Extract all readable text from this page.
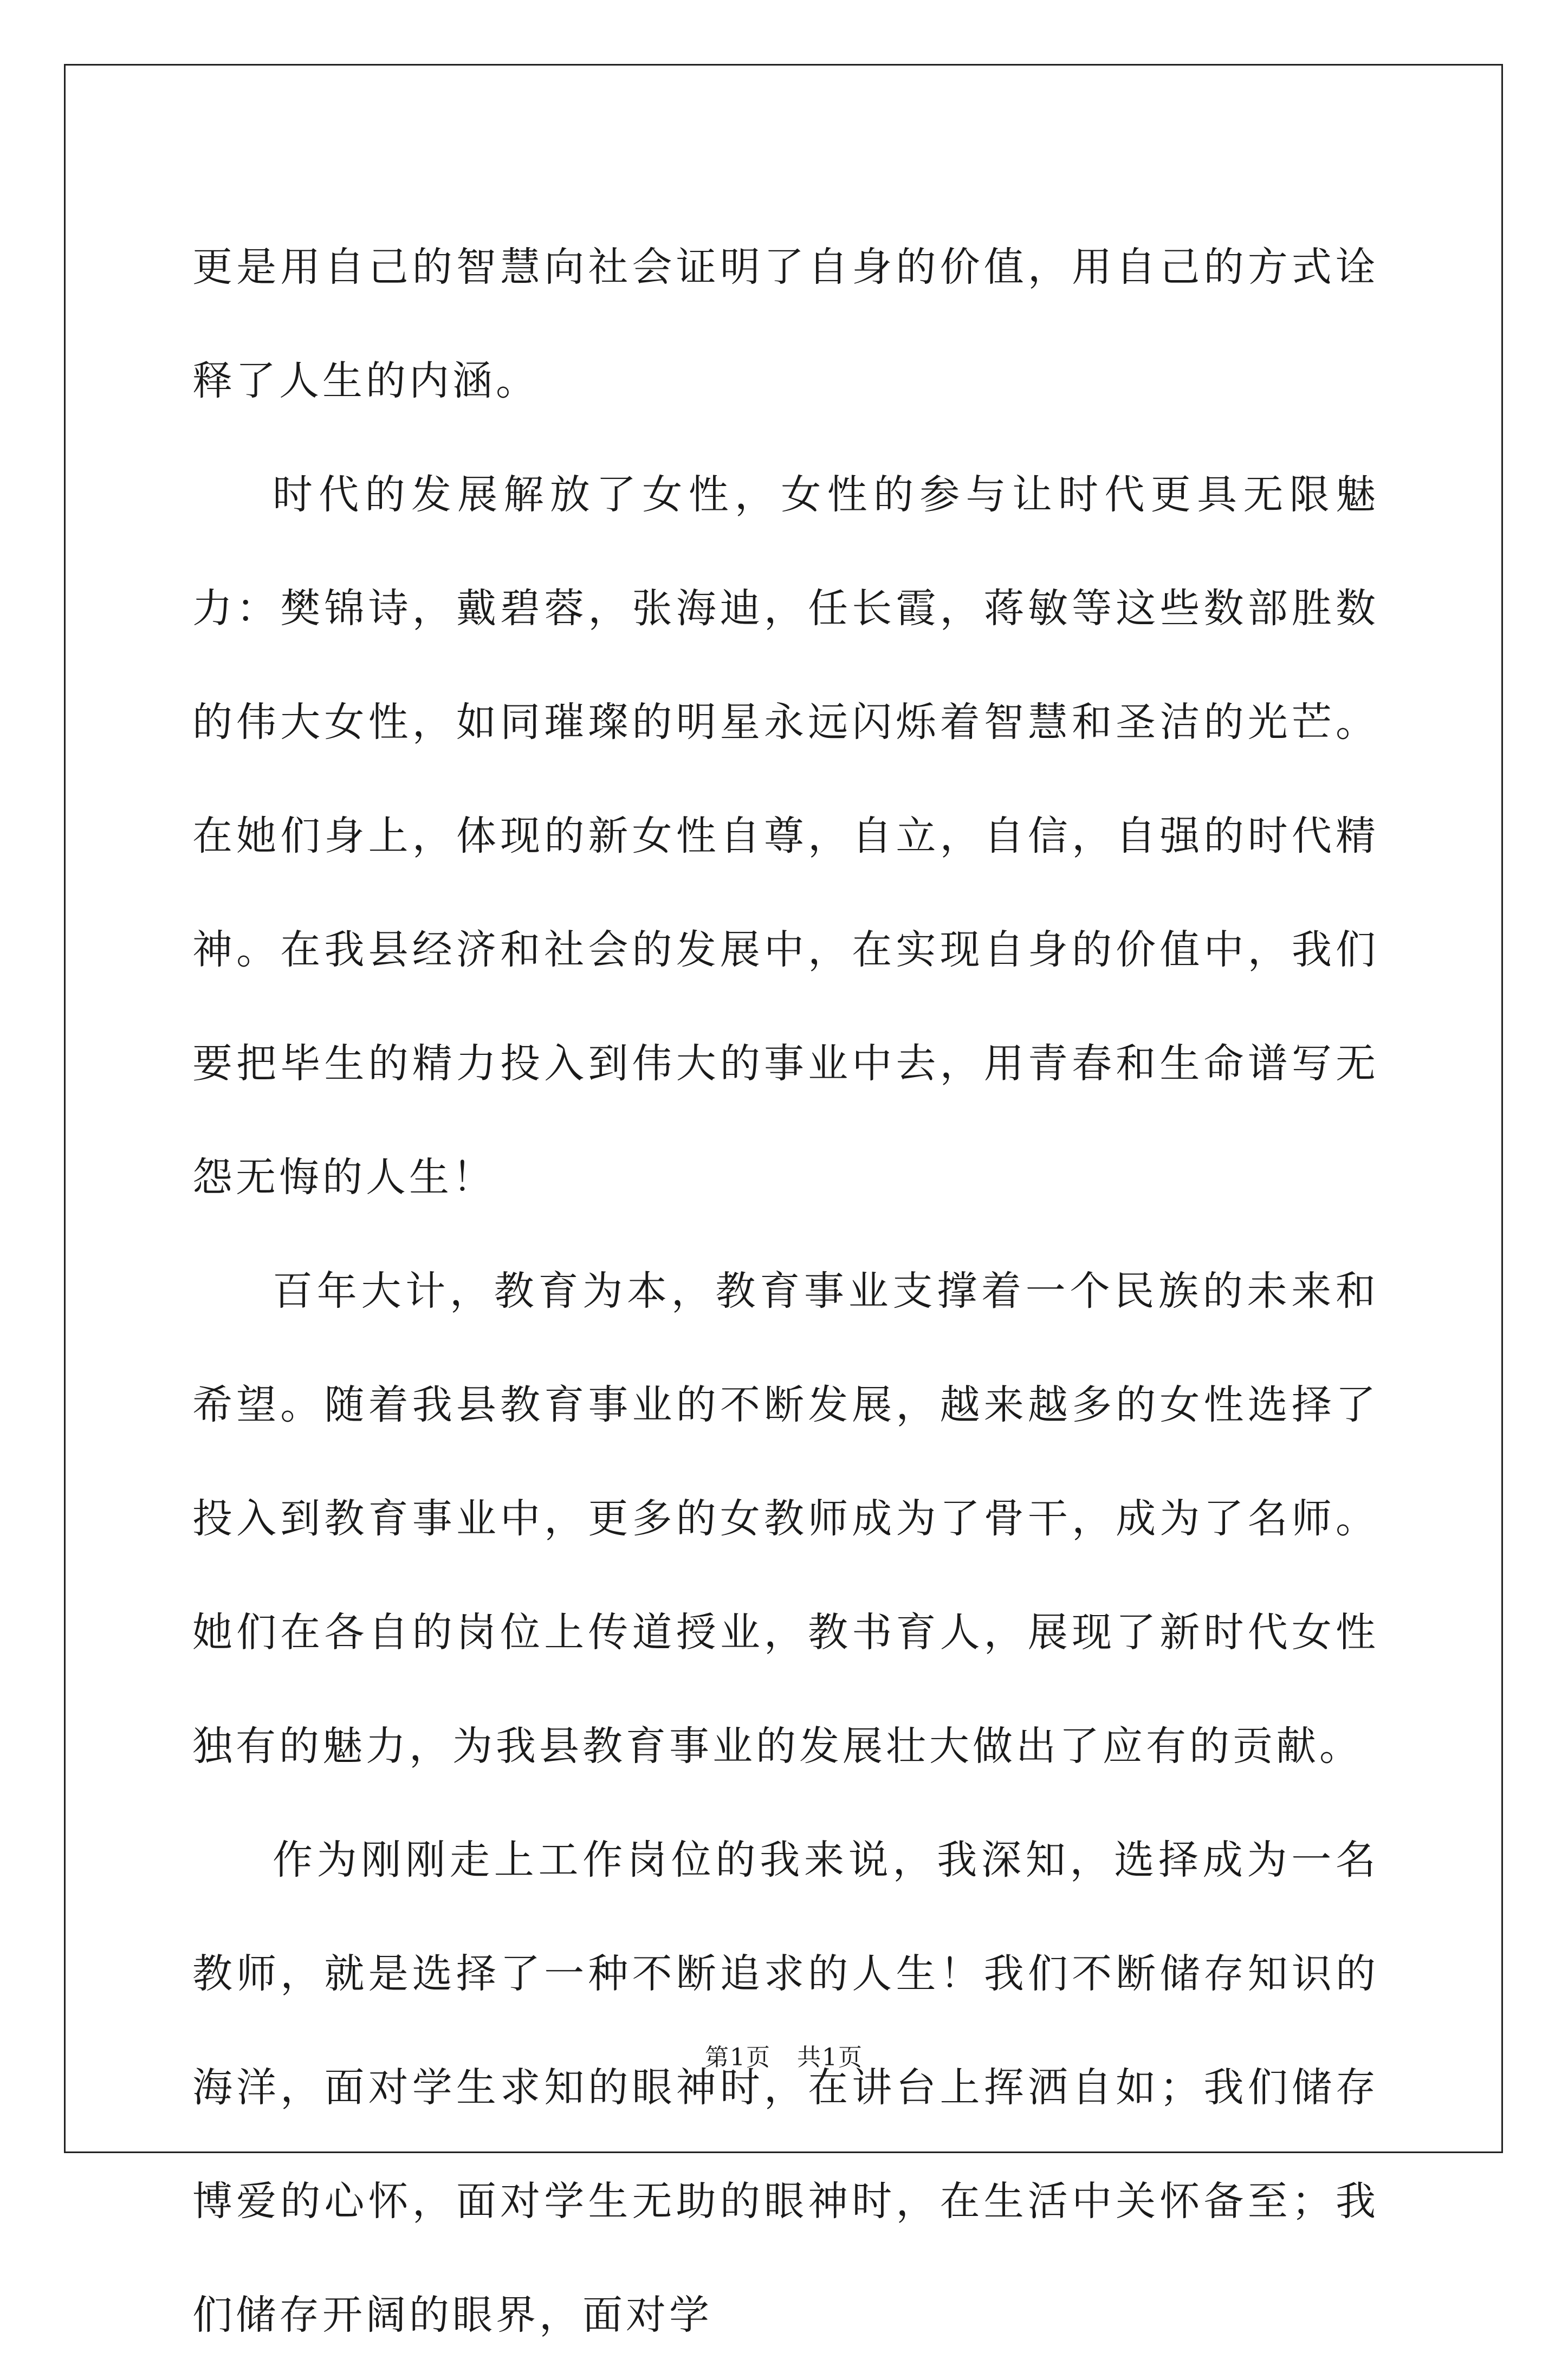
更是用自己的智慧向社会证明了自身的价值，用自己的方式诠释了人生的内涵。

时代的发展解放了女性，女性的参与让时代更具无限魅力：樊锦诗，戴碧蓉，张海迪，任长霞，蒋敏等这些数部胜数的伟大女性，如同璀璨的明星永远闪烁着智慧和圣洁的光芒。在她们身上，体现的新女性自尊，自立，自信，自强的时代精神。在我县经济和社会的发展中，在实现自身的价值中，我们要把毕生的精力投入到伟大的事业中去，用青春和生命谱写无怨无悔的人生！

百年大计，教育为本，教育事业支撑着一个民族的未来和希望。随着我县教育事业的不断发展，越来越多的女性选择了投入到教育事业中，更多的女教师成为了骨干，成为了名师。她们在各自的岗位上传道授业，教书育人，展现了新时代女性独有的魅力，为我县教育事业的发展壮大做出了应有的贡献。

作为刚刚走上工作岗位的我来说，我深知，选择成为一名教师，就是选择了一种不断追求的人生！我们不断储存知识的海洋，面对学生求知的眼神时，在讲台上挥洒自如；我们储存博爱的心怀，面对学生无助的眼神时，在生活中关怀备至；我们储存开阔的眼界，面对学

第1页 共1页
